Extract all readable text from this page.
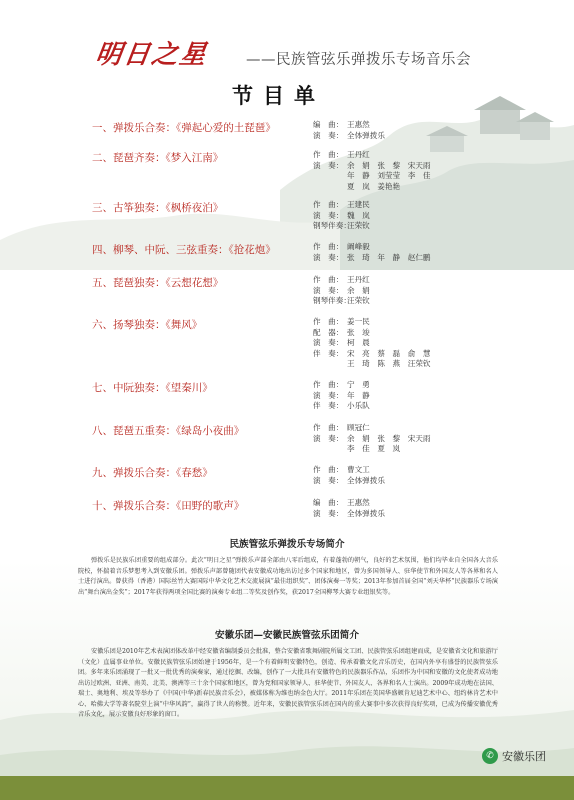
明日之星 ——民族管弦乐弹拨乐专场音乐会
节目单
一、弹拨乐合奏：《弹起心爱的土琵琶》	编　曲： 王惠然
演　奏： 全体弹拨乐
二、琵琶齐奏：《梦入江南》	作　曲： 王丹红
演　奏： 余　娟　张　黎　宋天雨
年　静　刘莹莹　李　佳
夏　岚　姜艳艳
三、古筝独奏：《枫桥夜泊》	作　曲： 王建民
演　奏： 魏　岚
钢琴伴奏：汪荣钦
四、柳琴、中阮、三弦重奏：《抢花炮》	作　曲： 阚峰毅
演　奏： 张　琦　年　静　赵仁鹏
五、琵琶独奏：《云想花想》	作　曲： 王丹红
演　奏： 余　娟
钢琴伴奏：汪荣钦
六、扬琴独奏：《舞风》	作　曲： 姜一民
配　器： 张　竣
演　奏： 柯　晨
伴　奏： 宋　亮　蔡　磊　俞　慧
王　琦　陈　燕　汪荣钦
七、中阮独奏：《望秦川》	作　曲： 宁　勇
演　奏： 年　静
伴　奏： 小乐队
八、琵琶五重奏：《绿岛小夜曲》	作　曲： 顾冠仁
演　奏： 余　娟　张　黎　宋天雨
李　佳　夏　岚
九、弹拨乐合奏：《春愁》	作　曲： 曹文工
演　奏： 全体弹拨乐
十、弹拨乐合奏：《田野的歌声》	编　曲： 王惠然
演　奏： 全体弹拨乐
民族管弦乐弹拨乐专场简介
弹拨乐是民族乐团重要的组成部分。此次“明日之星”弹拨乐声部全部由八零后组成，有着蓬勃的朝气，良好的艺术氛围，他们均毕业自全国各大音乐院校，怀揣着音乐梦想考入到安徽乐团。弹拨乐声部曾随团代表安徽成功地出访过多个国家和地区，曾为多国领导人、驻华使节和外国友人等各界和名人士进行演出。曾获得（香港）国际丝竹大赛国际中华文化艺术交流展演“最佳组织奖”、团体演奏一等奖；2013年参加首届全国“刘天华杯”民族器乐专场演出“舞台演出金奖”；2017年获得两项全国比赛的演奏专业组二等奖及创作奖，获2017全国柳琴大赛专业组银奖等。
安徽乐团—安徽民族管弦乐团简介
安徽乐团是2010年艺术表演团体改革中经安徽省编制委员会批准，整合安徽省歌舞剧院所属文工团、民族管弦乐团组建而成，是安徽省文化和旅游厅（文化）直属事业单位。安徽民族管弦乐团始建于1956年，是一个有着鲜明安徽特色，创造、传承着徽文化音乐历史，在国内外享有盛誉的民族管弦乐团。多年来乐团涌现了一批又一批优秀的演奏家，通过挖掘、改编，创作了一大批具有安徽特色的民族器乐作品，乐团作为中国和安徽的文化使者成功地出访过欧洲、亚洲、南美、北美、澳洲等三十余个国家和地区，曾为党和国家领导人、驻华使节、外国友人、各界和名人士演出。2009年成功地在法国、瑞士、奥地利、埃及等举办了《中国(中华)新春民族音乐会》，被媒体称为维也纳金色大厅。2011年乐团在美国华盛顿肯尼迪艺术中心、纽约林肯艺术中心、哈佛大学等著名院堂上演“中华风韵”，赢得了世人的称赞。近年来，安徽民族管弦乐团在国内的重大赛事中多次获得良好奖项，已成为传播安徽优秀音乐文化，展示安徽良好形象的窗口。
✆ 安徽乐团
